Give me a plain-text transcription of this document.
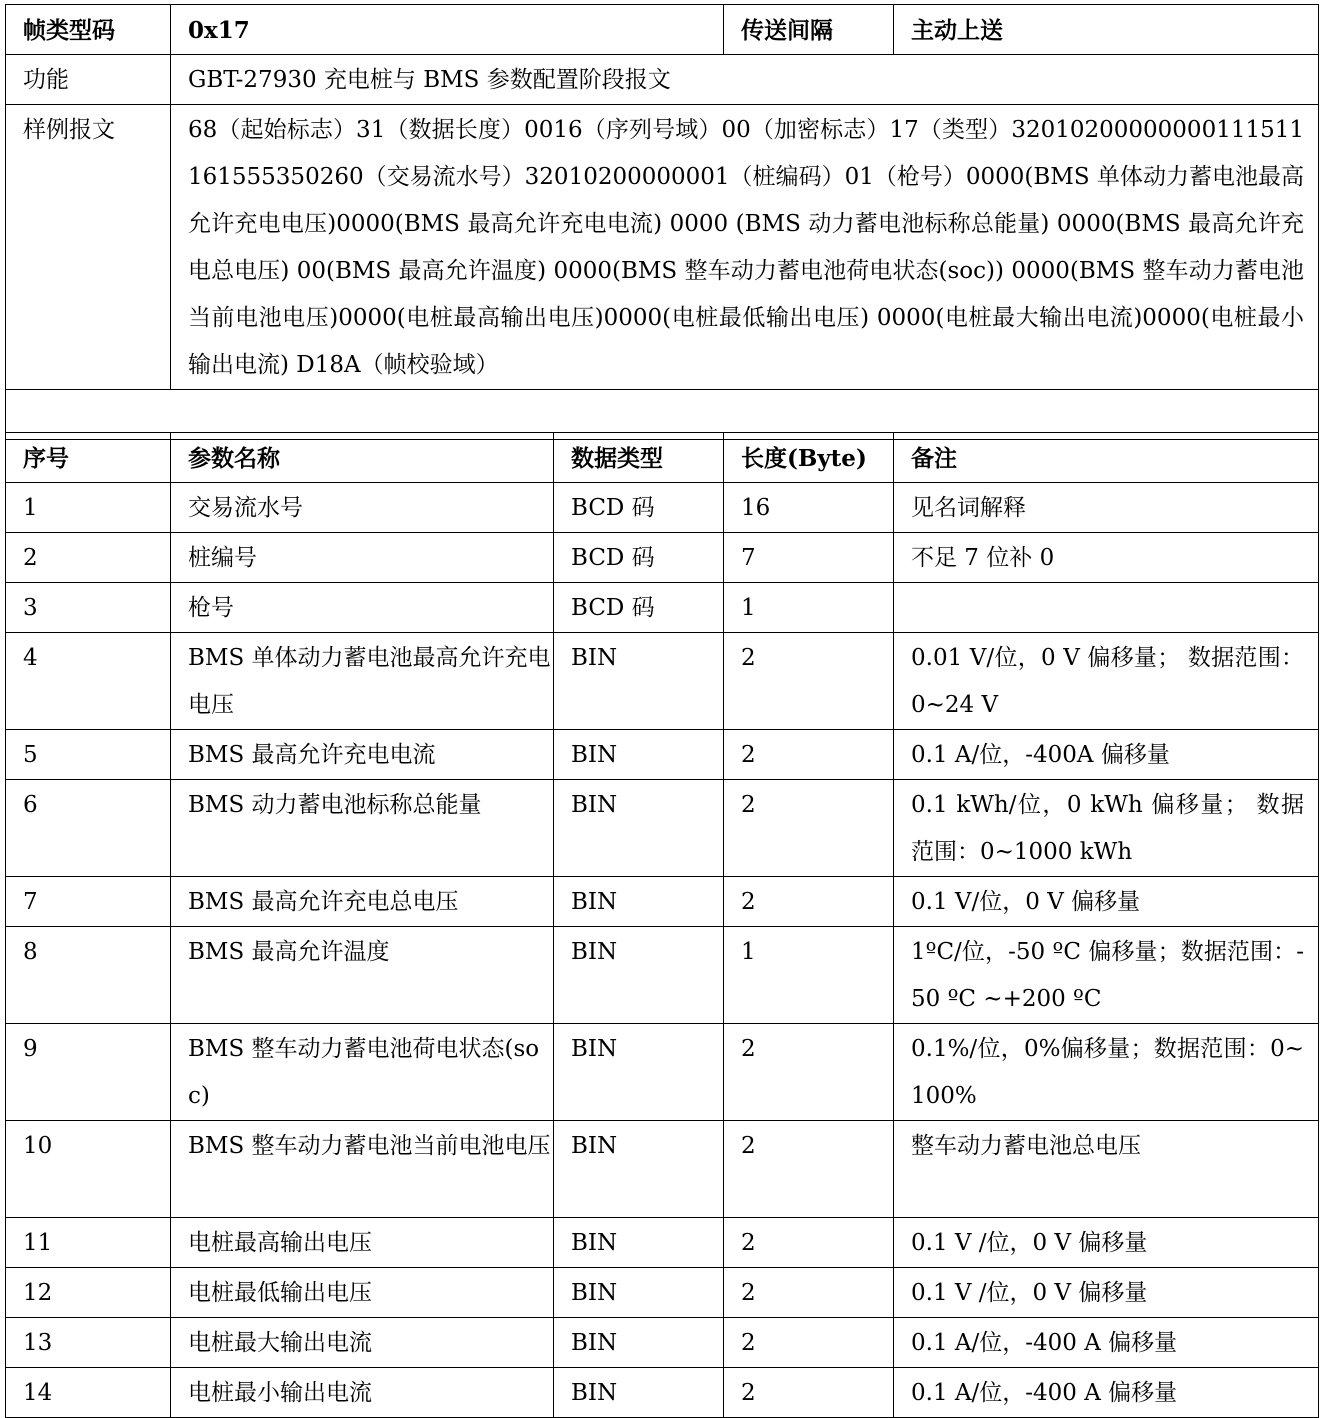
帧类型码	0x17	传送间隔	主动上送
功能	GBT-27930 充电桩与 BMS 参数配置阶段报文		
样例报文	68（起始标志）31（数据长度）0016（序列号域）00（加密标志）17（类型）32010200000000111511161555350260（交易流水号）32010200000001（桩编码）01（枪号）0000(BMS 单体动力蓄电池最高允许充电电压)0000(BMS 最高允许充电电流) 0000 (BMS 动力蓄电池标称总能量) 0000(BMS 最高允许充电总电压) 00(BMS 最高允许温度) 0000(BMS 整车动力蓄电池荷电状态(soc)) 0000(BMS 整车动力蓄电池当前电池电压)0000(电桩最高输出电压)0000(电桩最低输出电压) 0000(电桩最大输出电流)0000(电桩最小输出电流) D18A（帧校验域）		

序号	参数名称	数据类型	长度(Byte)	备注
1	交易流水号	BCD 码	16	见名词解释
2	桩编号	BCD 码	7	不足 7 位补 0
3	枪号	BCD 码	1	
4	BMS 单体动力蓄电池最高允许充电电压	BIN	2	0.01 V/位，0 V 偏移量； 数据范围：0~24 V
5	BMS 最高允许充电电流	BIN	2	0.1 A/位，-400A 偏移量
6	BMS 动力蓄电池标称总能量	BIN	2	0.1 kWh/位，0 kWh 偏移量； 数据范围：0~1000 kWh
7	BMS 最高允许充电总电压	BIN	2	0.1 V/位，0 V 偏移量
8	BMS 最高允许温度	BIN	1	1ºC/位，-50 ºC 偏移量；数据范围：-50 ºC ~+200 ºC
9	BMS 整车动力蓄电池荷电状态(soc)	BIN	2	0.1%/位，0%偏移量；数据范围：0~100%
10	BMS 整车动力蓄电池当前电池电压	BIN	2	整车动力蓄电池总电压
11	电桩最高输出电压	BIN	2	0.1 V /位，0 V 偏移量
12	电桩最低输出电压	BIN	2	0.1 V /位，0 V 偏移量
13	电桩最大输出电流	BIN	2	0.1 A/位，-400 A 偏移量
14	电桩最小输出电流	BIN	2	0.1 A/位，-400 A 偏移量
